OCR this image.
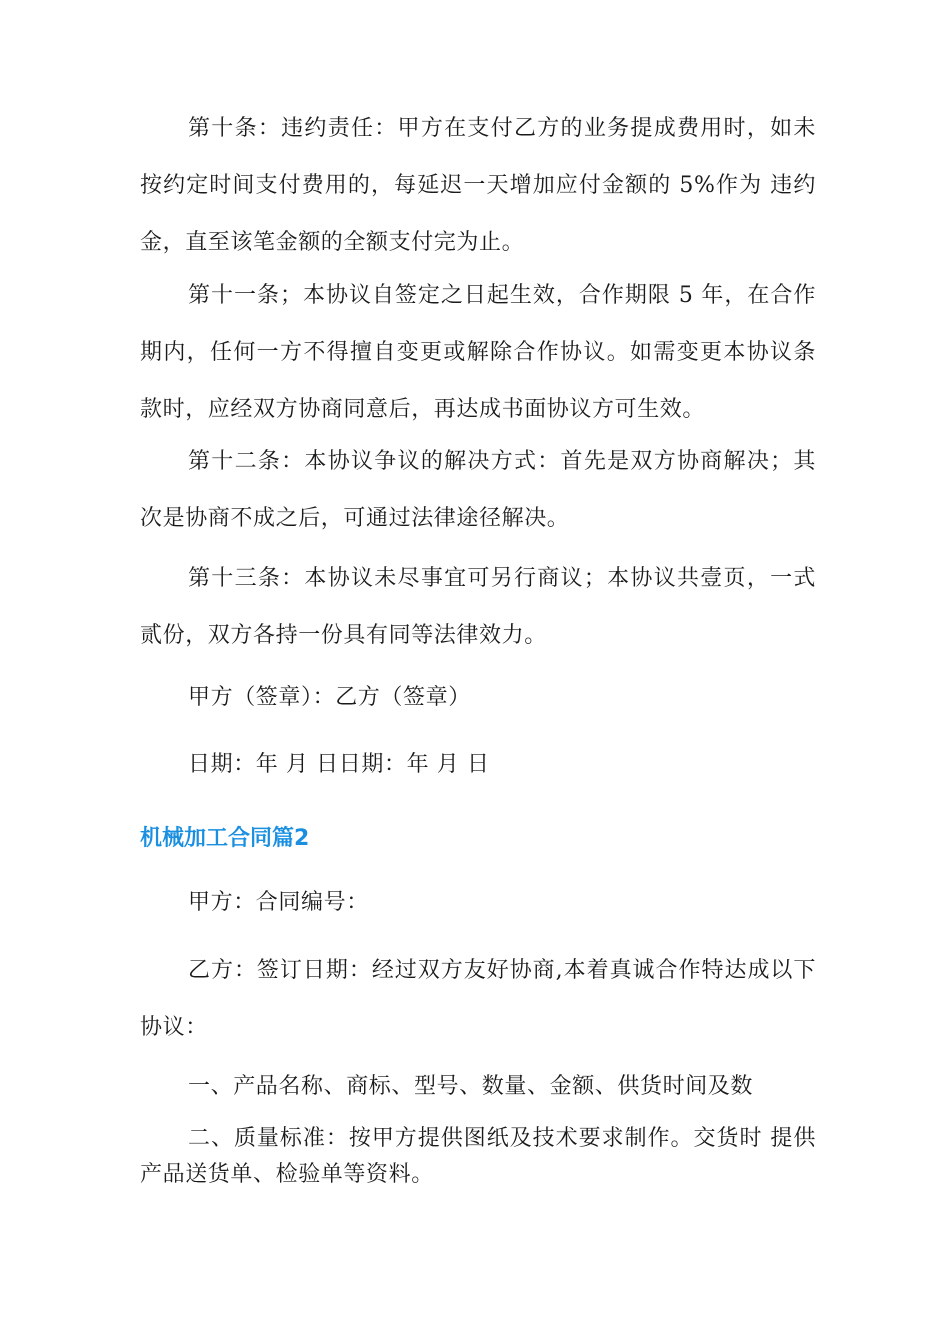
第十条：违约责任：甲方在支付乙方的业务提成费用时，如未按约定时间支付费用的，每延迟一天增加应付金额的 5%作为 违约金，直至该笔金额的全额支付完为止。

第十一条；本协议自签定之日起生效，合作期限 5 年，在合作期内，任何一方不得擅自变更或解除合作协议。如需变更本协议条款时，应经双方协商同意后，再达成书面协议方可生效。

第十二条：本协议争议的解决方式：首先是双方协商解决；其次是协商不成之后，可通过法律途径解决。

第十三条：本协议未尽事宜可另行商议；本协议共壹页，一式贰份，双方各持一份具有同等法律效力。

甲方（签章）：乙方（签章）

日期：年 月 日日期：年 月 日

机械加工合同篇2

甲方：合同编号：

乙方：签订日期：经过双方友好协商,本着真诚合作特达成以下协议：

一、产品名称、商标、型号、数量、金额、供货时间及数

二、质量标准：按甲方提供图纸及技术要求制作。交货时 提供产品送货单、检验单等资料。
